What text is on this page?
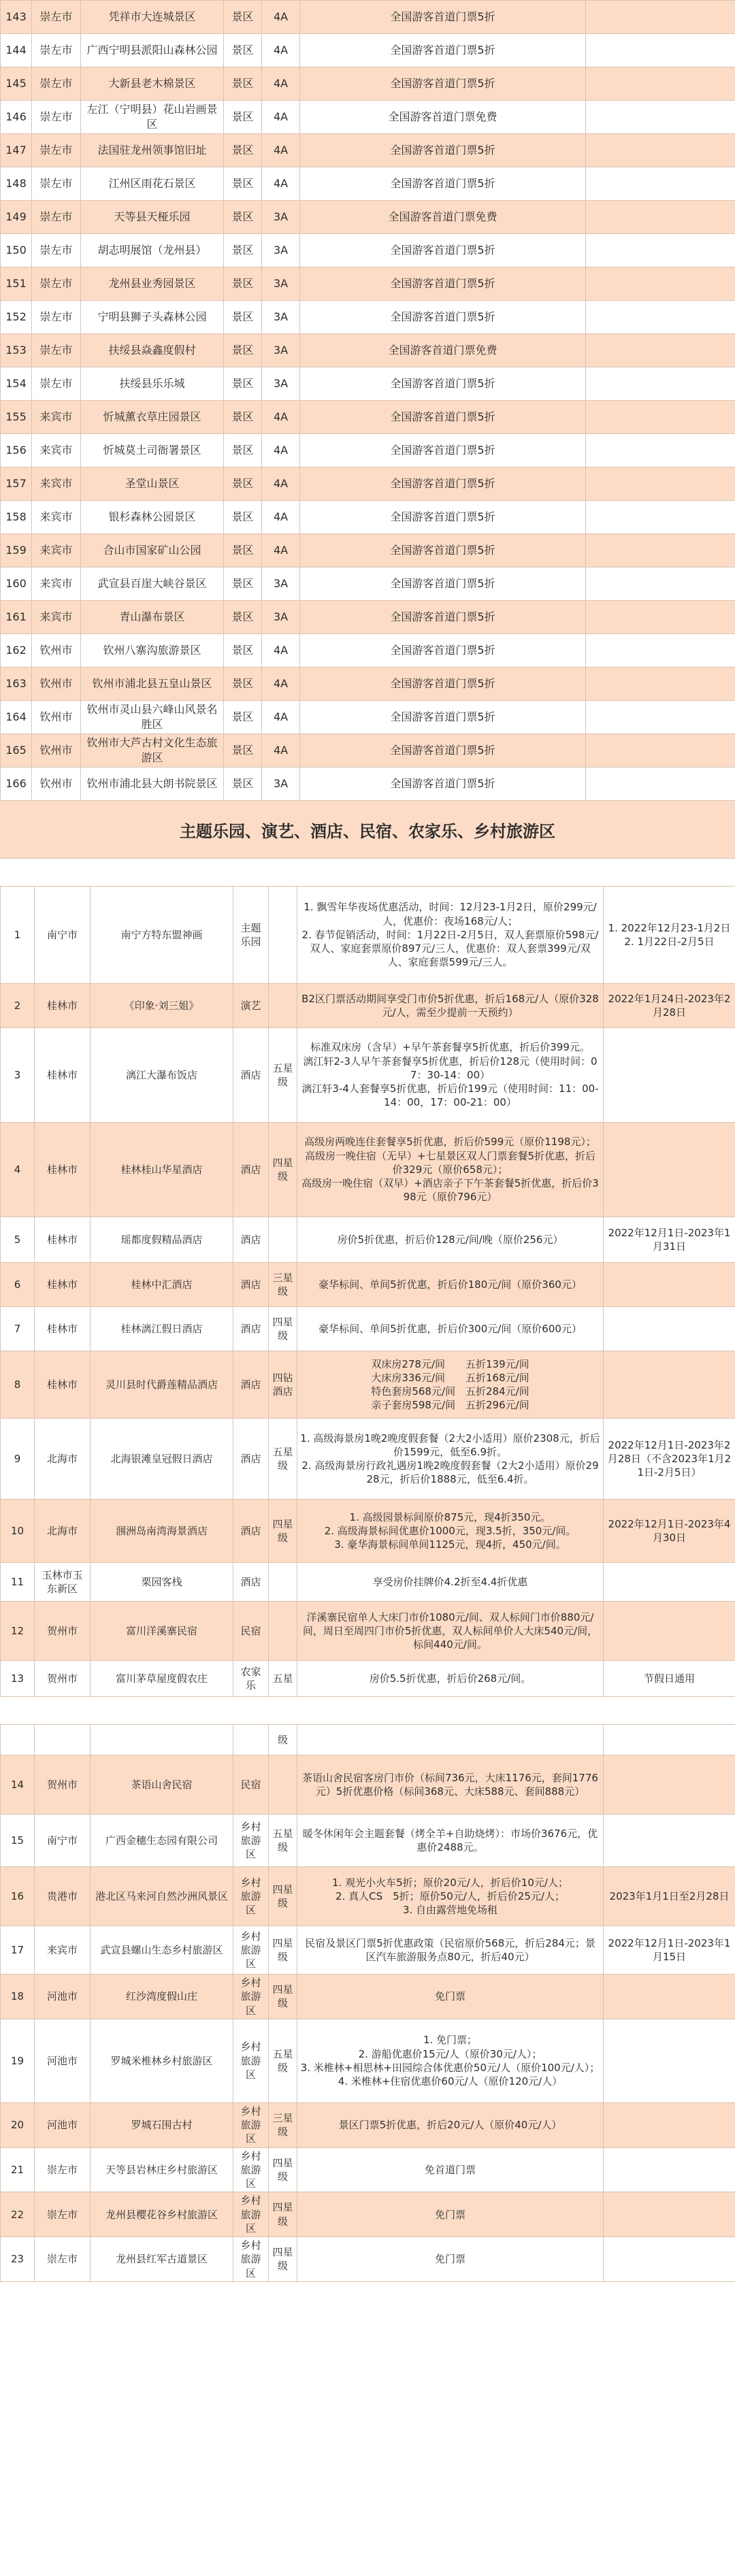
143	崇左市	凭祥市大连城景区	景区	4A	全国游客首道门票5折	
144	崇左市	广西宁明县派阳山森林公园	景区	4A	全国游客首道门票5折	
145	崇左市	大新县老木棉景区	景区	4A	全国游客首道门票5折	
146	崇左市	左江（宁明县）花山岩画景区	景区	4A	全国游客首道门票免费	
147	崇左市	法国驻龙州领事馆旧址	景区	4A	全国游客首道门票5折	
148	崇左市	江州区雨花石景区	景区	4A	全国游客首道门票5折	
149	崇左市	天等县天桠乐园	景区	3A	全国游客首道门票免费	
150	崇左市	胡志明展馆（龙州县）	景区	3A	全国游客首道门票5折	
151	崇左市	龙州县业秀园景区	景区	3A	全国游客首道门票5折	
152	崇左市	宁明县狮子头森林公园	景区	3A	全国游客首道门票5折	
153	崇左市	扶绥县焱鑫度假村	景区	3A	全国游客首道门票免费	
154	崇左市	扶绥县乐乐城	景区	3A	全国游客首道门票5折	
155	来宾市	忻城薰衣草庄园景区	景区	4A	全国游客首道门票5折	
156	来宾市	忻城莫土司衙署景区	景区	4A	全国游客首道门票5折	
157	来宾市	圣堂山景区	景区	4A	全国游客首道门票5折	
158	来宾市	银杉森林公园景区	景区	4A	全国游客首道门票5折	
159	来宾市	合山市国家矿山公园	景区	4A	全国游客首道门票5折	
160	来宾市	武宣县百崖大峡谷景区	景区	3A	全国游客首道门票5折	
161	来宾市	青山瀑布景区	景区	3A	全国游客首道门票5折	
162	钦州市	钦州八寨沟旅游景区	景区	4A	全国游客首道门票5折	
163	钦州市	钦州市浦北县五皇山景区	景区	4A	全国游客首道门票5折	
164	钦州市	钦州市灵山县六峰山风景名胜区	景区	4A	全国游客首道门票5折	
165	钦州市	钦州市大芦古村文化生态旅游区	景区	4A	全国游客首道门票5折	
166	钦州市	钦州市浦北县大朗书院景区	景区	3A	全国游客首道门票5折	
主题乐园、演艺、酒店、民宿、农家乐、乡村旅游区
1	南宁市	南宁方特东盟神画	主题乐园		1. 飘雪年华夜场优惠活动，时间：12月23-1月2日，原价299元/人，优惠价：夜场168元/人；
2. 春节促销活动，时间：1月22日-2月5日，双人套票原价598元/双人、家庭套票原价897元/三人，优惠价：双人套票399元/双人、家庭套票599元/三人。	1. 2022年12月23-1月2日
2. 1月22日-2月5日
2	桂林市	《印象·刘三姐》	演艺		B2区门票活动期间享受门市价5折优惠，折后168元/人（原价328元/人，需至少提前一天预约）	2022年1月24日-2023年2月28日
3	桂林市	漓江大瀑布饭店	酒店	五星级	标准双床房（含早）+早午茶套餐享5折优惠，折后价399元。
漓江轩2-3人早午茶套餐享5折优惠，折后价128元（使用时间：07：30-14：00）
漓江轩3-4人套餐享5折优惠，折后价199元（使用时间：11：00-14：00，17：00-21：00）	
4	桂林市	桂林桂山华星酒店	酒店	四星级	高级房两晚连住套餐享5折优惠，折后价599元（原价1198元）；
高级房一晚住宿（无早）+七星景区双人门票套餐5折优惠，折后价329元（原价658元）；
高级房一晚住宿（双早）+酒店亲子下午茶套餐5折优惠，折后价398元（原价796元）	
5	桂林市	瑶都度假精品酒店	酒店		房价5折优惠，折后价128元/间/晚（原价256元）	2022年12月1日-2023年1月31日
6	桂林市	桂林中汇酒店	酒店	三星级	豪华标间、单间5折优惠，折后价180元/间（原价360元）	
7	桂林市	桂林漓江假日酒店	酒店	四星级	豪华标间、单间5折优惠，折后价300元/间（原价600元）	
8	桂林市	灵川县时代爵莲精品酒店	酒店	四钻酒店	双床房278元/间　　五折139元/间
大床房336元/间　　五折168元/间
特色套房568元/间　五折284元/间
亲子套房598元/间　五折296元/间	
9	北海市	北海银滩皇冠假日酒店	酒店	五星级	1. 高级海景房1晚2晚度假套餐（2大2小适用）原价2308元，折后价1599元，低至6.9折。
2. 高级海景房行政礼遇房1晚2晚度假套餐（2大2小适用）原价2928元，折后价1888元，低至6.4折。	2022年12月1日-2023年2月28日（不含2023年1月21日-2月5日）
10	北海市	涠洲岛南湾海景酒店	酒店	四星级	1. 高级园景标间原价875元，现4折350元。
2. 高级海景标间优惠价1000元，现3.5折，350元/间。
3. 豪华海景标间单间1125元，现4折，450元/间。	2022年12月1日-2023年4月30日
11	玉林市玉东新区	栗园客栈	酒店		享受房价挂牌价4.2折至4.4折优惠	
12	贺州市	富川洋溪寨民宿	民宿		洋溪寨民宿单人大床门市价1080元/间、双人标间门市价880元/间，周日至周四门市价5折优惠，双人标间单价人大床540元/间，标间440元/间。	
13	贺州市	富川茅草屋度假农庄	农家乐	五星	房价5.5折优惠，折后价268元/间。	节假日通用
				级		
14	贺州市	茶语山舍民宿	民宿		茶语山舍民宿客房门市价（标间736元，大床1176元，套间1776元）5折优惠价格（标间368元、大床588元、套间888元）	
15	南宁市	广西金穗生态园有限公司	乡村旅游区	五星级	暖冬休闲年会主题套餐（烤全羊+自助烧烤）：市场价3676元，优惠价2488元。	
16	贵港市	港北区马来河自然沙洲风景区	乡村旅游区	四星级	1. 观光小火车5折；原价20元/人，折后价10元/人；
2. 真人CS　5折；原价50元/人，折后价25元/人；
3. 自由露营地免场租	2023年1月1日至2月28日
17	来宾市	武宣县螺山生态乡村旅游区	乡村旅游区	四星级	民宿及景区门票5折优惠政策（民宿原价568元，折后284元；景区汽车旅游服务点80元，折后40元）	2022年12月1日-2023年1月15日
18	河池市	红沙湾度假山庄	乡村旅游区	四星级	免门票	
19	河池市	罗城米椎林乡村旅游区	乡村旅游区	五星级	1. 免门票；
2. 游船优惠价15元/人（原价30元/人）；
3. 米椎林+相思林+田园综合体优惠价50元/人（原价100元/人）；
4. 米椎林+住宿优惠价60元/人（原价120元/人）	
20	河池市	罗城石围古村	乡村旅游区	三星级	景区门票5折优惠，折后20元/人（原价40元/人）	
21	崇左市	天等县岩林庄乡村旅游区	乡村旅游区	四星级	免首道门票	
22	崇左市	龙州县樱花谷乡村旅游区	乡村旅游区	四星级	免门票	
23	崇左市	龙州县红军古道景区	乡村旅游区	四星级	免门票	
